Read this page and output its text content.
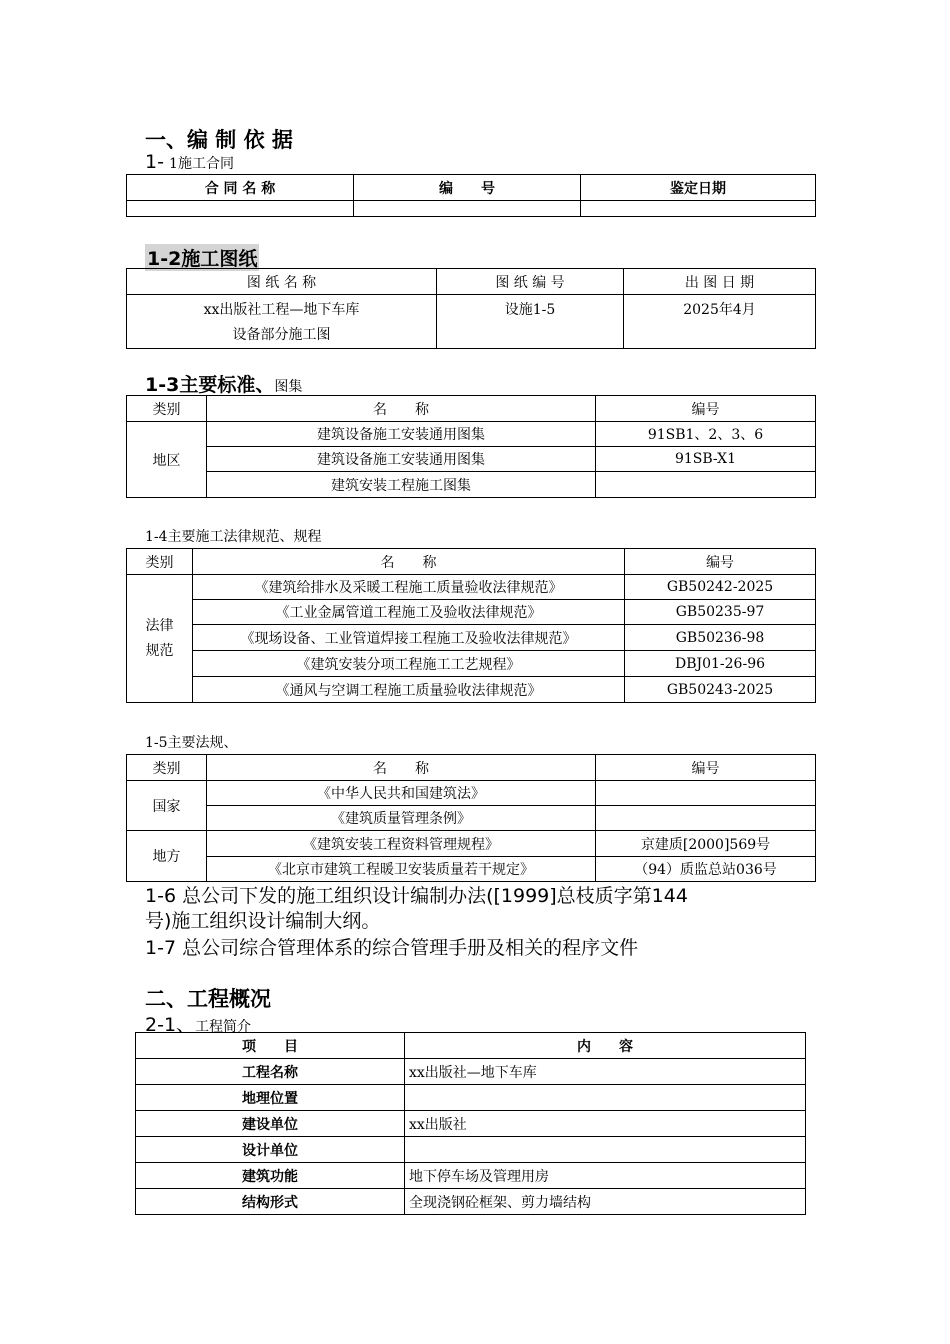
一、编 制 依 据
1- 1施工合同
合 同 名 称	编　　号	鉴定日期

1-2施工图纸
图 纸 名 称	图 纸 编 号	出 图 日 期

xx出版社工程—地下车库
设备部分施工图	设施1-5	2025年4月
1-3主要标准、图集
类别	名　　称	编号
地区	建筑设备施工安装通用图集	91SB1、2、3、6
	建筑设备施工安装通用图集	91SB-X1
	建筑安装工程施工图集	
1-4主要施工法律规范、规程
类别	名　　称	编号

法律
规范	《建筑给排水及采暖工程施工质量验收法律规范》	GB50242-2025
	《工业金属管道工程施工及验收法律规范》	GB50235-97
	《现场设备、工业管道焊接工程施工及验收法律规范》	GB50236-98
	《建筑安装分项工程施工工艺规程》	DBJ01-26-96
	《通风与空调工程施工质量验收法律规范》	GB50243-2025
1-5主要法规、
类别	名　　称	编号
国家	《中华人民共和国建筑法》	
	《建筑质量管理条例》	
地方	《建筑安装工程资料管理规程》	京建质[2000]569号
	《北京市建筑工程暖卫安装质量若干规定》	（94）质监总站036号
1-6 总公司下发的施工组织设计编制办法([1999]总枝质字第144
号)施工组织设计编制大纲。
1-7 总公司综合管理体系的综合管理手册及相关的程序文件
二、工程概况
2-1、工程简介
项　　目	内　　容
工程名称	xx出版社—地下车库
地理位置	
建设单位	xx出版社
设计单位	
建筑功能	地下停车场及管理用房
结构形式	全现浇钢砼框架、剪力墙结构
